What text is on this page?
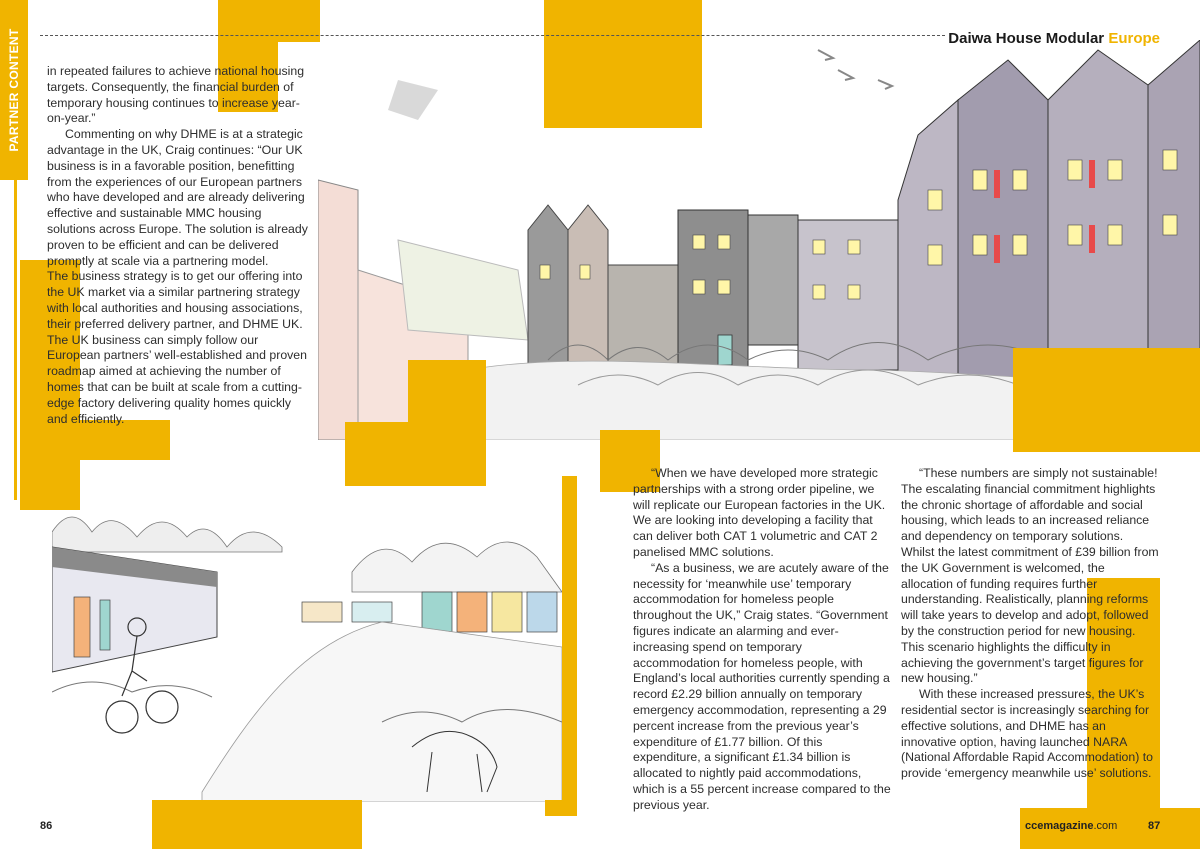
PARTNER CONTENT	Daiwa House Modular Europe

in repeated failures to achieve national housing targets. Consequently, the financial burden of temporary housing continues to increase year-on-year.”

Commenting on why DHME is at a strategic advantage in the UK, Craig continues: “Our UK business is in a favorable position, benefitting from the experiences of our European partners who have developed and are already delivering effective and sustainable MMC housing solutions across Europe. The solution is already proven to be efficient and can be delivered promptly at scale via a partnering model.

The business strategy is to get our offering into the UK market via a similar partnering strategy with local authorities and housing associations, their preferred delivery partner, and DHME UK. The UK business can simply follow our European partners’ well-established and proven roadmap aimed at achieving the number of homes that can be built at scale from a cutting-edge factory delivering quality homes quickly and efficiently.

“When we have developed more strategic partnerships with a strong order pipeline, we will replicate our European factories in the UK. We are looking into developing a facility that can deliver both CAT 1 volumetric and CAT 2 panelised MMC solutions.

“As a business, we are acutely aware of the necessity for ‘meanwhile use’ temporary accommodation for homeless people throughout the UK,” Craig states. “Government figures indicate an alarming and ever-increasing spend on temporary accommodation for homeless people, with England’s local authorities currently spending a record £2.29 billion annually on temporary emergency accommodation, representing a 29 percent increase from the previous year’s expenditure of £1.77 billion. Of this expenditure, a significant £1.34 billion is allocated to nightly paid accommodations, which is a 55 percent increase compared to the previous year.

“These numbers are simply not sustainable! The escalating financial commitment highlights the chronic shortage of affordable and social housing, which leads to an increased reliance and dependency on temporary solutions. Whilst the latest commitment of £39 billion from the UK Government is welcomed, the allocation of funding requires further understanding. Realistically, planning reforms will take years to develop and adopt, followed by the construction period for new housing. This scenario highlights the difficulty in achieving the government’s target figures for new housing.”

With these increased pressures, the UK’s residential sector is increasingly searching for effective solutions, and DHME has an innovative option, having launched NARA (National Affordable Rapid Accommodation) to provide ‘emergency meanwhile use’ solutions.

86	ccemagazine.com	87
